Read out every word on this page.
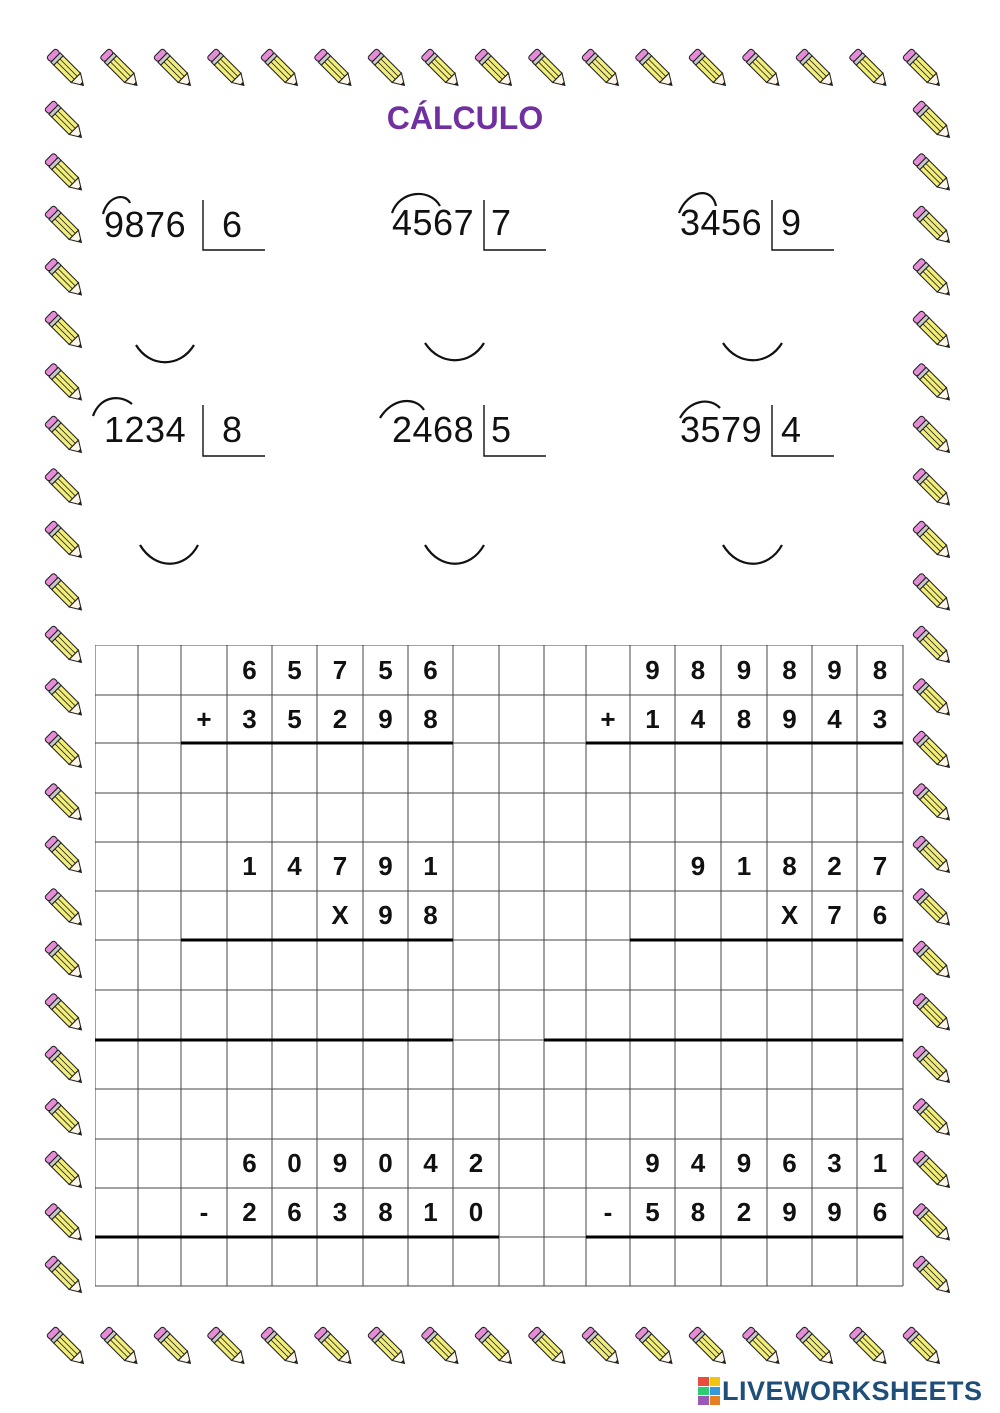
CÁLCULO
9876 6	4567 7	3456 9
1234 8	2468 5	3579 4
6	5	7	5	6
+	3	5	2	9	8
9	8	9	8	9	8
+	1	4	8	9	4	3
1	4	7	9	1
X	9	8
9	1	8	2	7
X	7	6
6	0	9	0	4	2
-	2	6	3	8	1	0
9	4	9	6	3	1
-	5	8	2	9	9	6
LIVEWORKSHEETS
